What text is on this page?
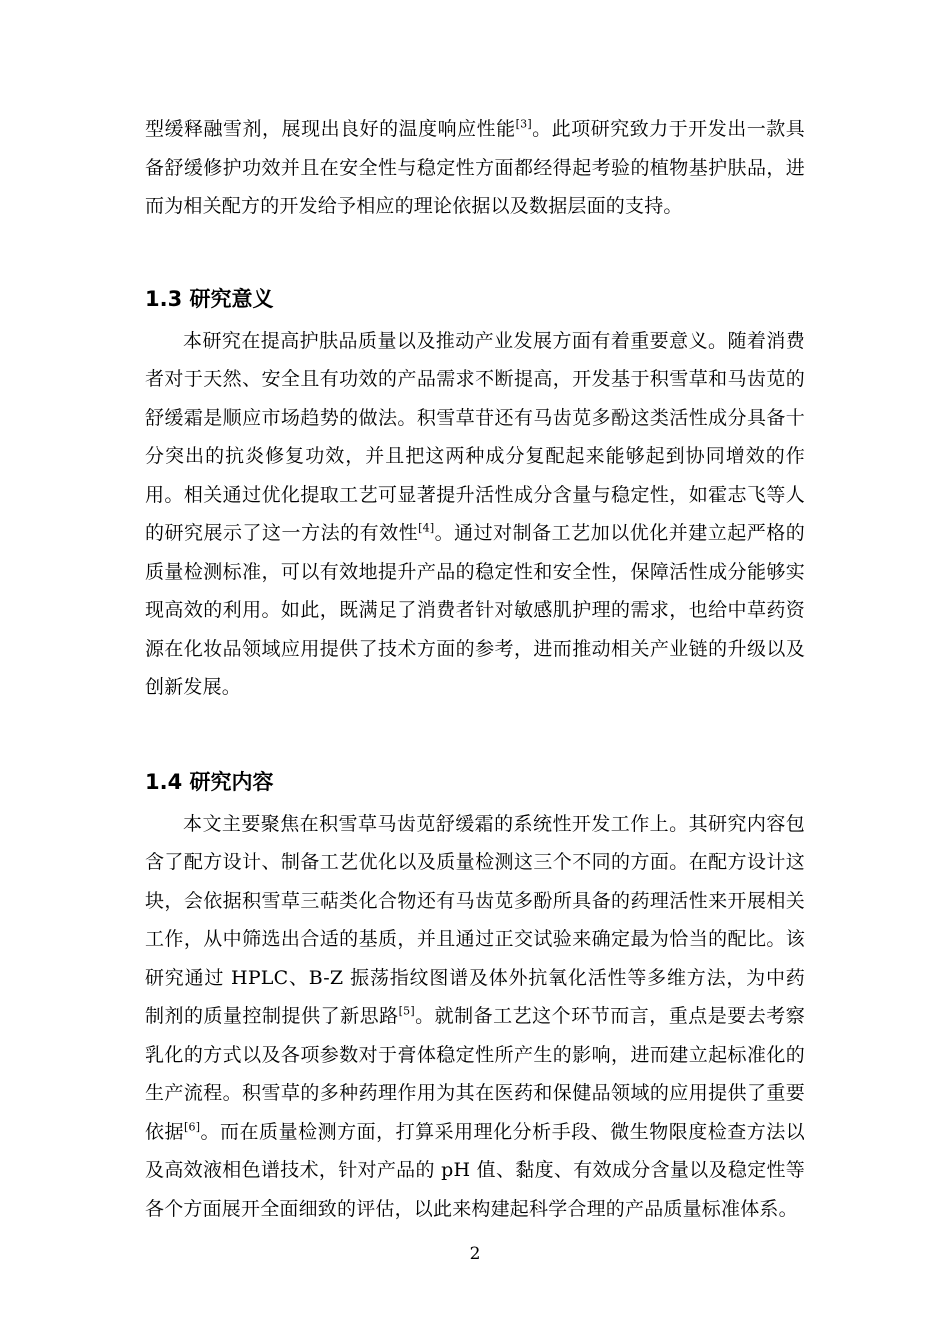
型缓释融雪剂，展现出良好的温度响应性能[3]。此项研究致力于开发出一款具备舒缓修护功效并且在安全性与稳定性方面都经得起考验的植物基护肤品，进而为相关配方的开发给予相应的理论依据以及数据层面的支持。

1.3 研究意义

本研究在提高护肤品质量以及推动产业发展方面有着重要意义。随着消费者对于天然、安全且有功效的产品需求不断提高，开发基于积雪草和马齿苋的舒缓霜是顺应市场趋势的做法。积雪草苷还有马齿苋多酚这类活性成分具备十分突出的抗炎修复功效，并且把这两种成分复配起来能够起到协同增效的作用。相关通过优化提取工艺可显著提升活性成分含量与稳定性，如霍志飞等人的研究展示了这一方法的有效性[4]。通过对制备工艺加以优化并建立起严格的质量检测标准，可以有效地提升产品的稳定性和安全性，保障活性成分能够实现高效的利用。如此，既满足了消费者针对敏感肌护理的需求，也给中草药资源在化妆品领域应用提供了技术方面的参考，进而推动相关产业链的升级以及创新发展。

1.4 研究内容

本文主要聚焦在积雪草马齿苋舒缓霜的系统性开发工作上。其研究内容包含了配方设计、制备工艺优化以及质量检测这三个不同的方面。在配方设计这块，会依据积雪草三萜类化合物还有马齿苋多酚所具备的药理活性来开展相关工作，从中筛选出合适的基质，并且通过正交试验来确定最为恰当的配比。该研究通过 HPLC、B-Z 振荡指纹图谱及体外抗氧化活性等多维方法，为中药制剂的质量控制提供了新思路[5]。就制备工艺这个环节而言，重点是要去考察乳化的方式以及各项参数对于膏体稳定性所产生的影响，进而建立起标准化的生产流程。积雪草的多种药理作用为其在医药和保健品领域的应用提供了重要依据[6]。而在质量检测方面，打算采用理化分析手段、微生物限度检查方法以及高效液相色谱技术，针对产品的 pH 值、黏度、有效成分含量以及稳定性等各个方面展开全面细致的评估，以此来构建起科学合理的产品质量标准体系。

2
